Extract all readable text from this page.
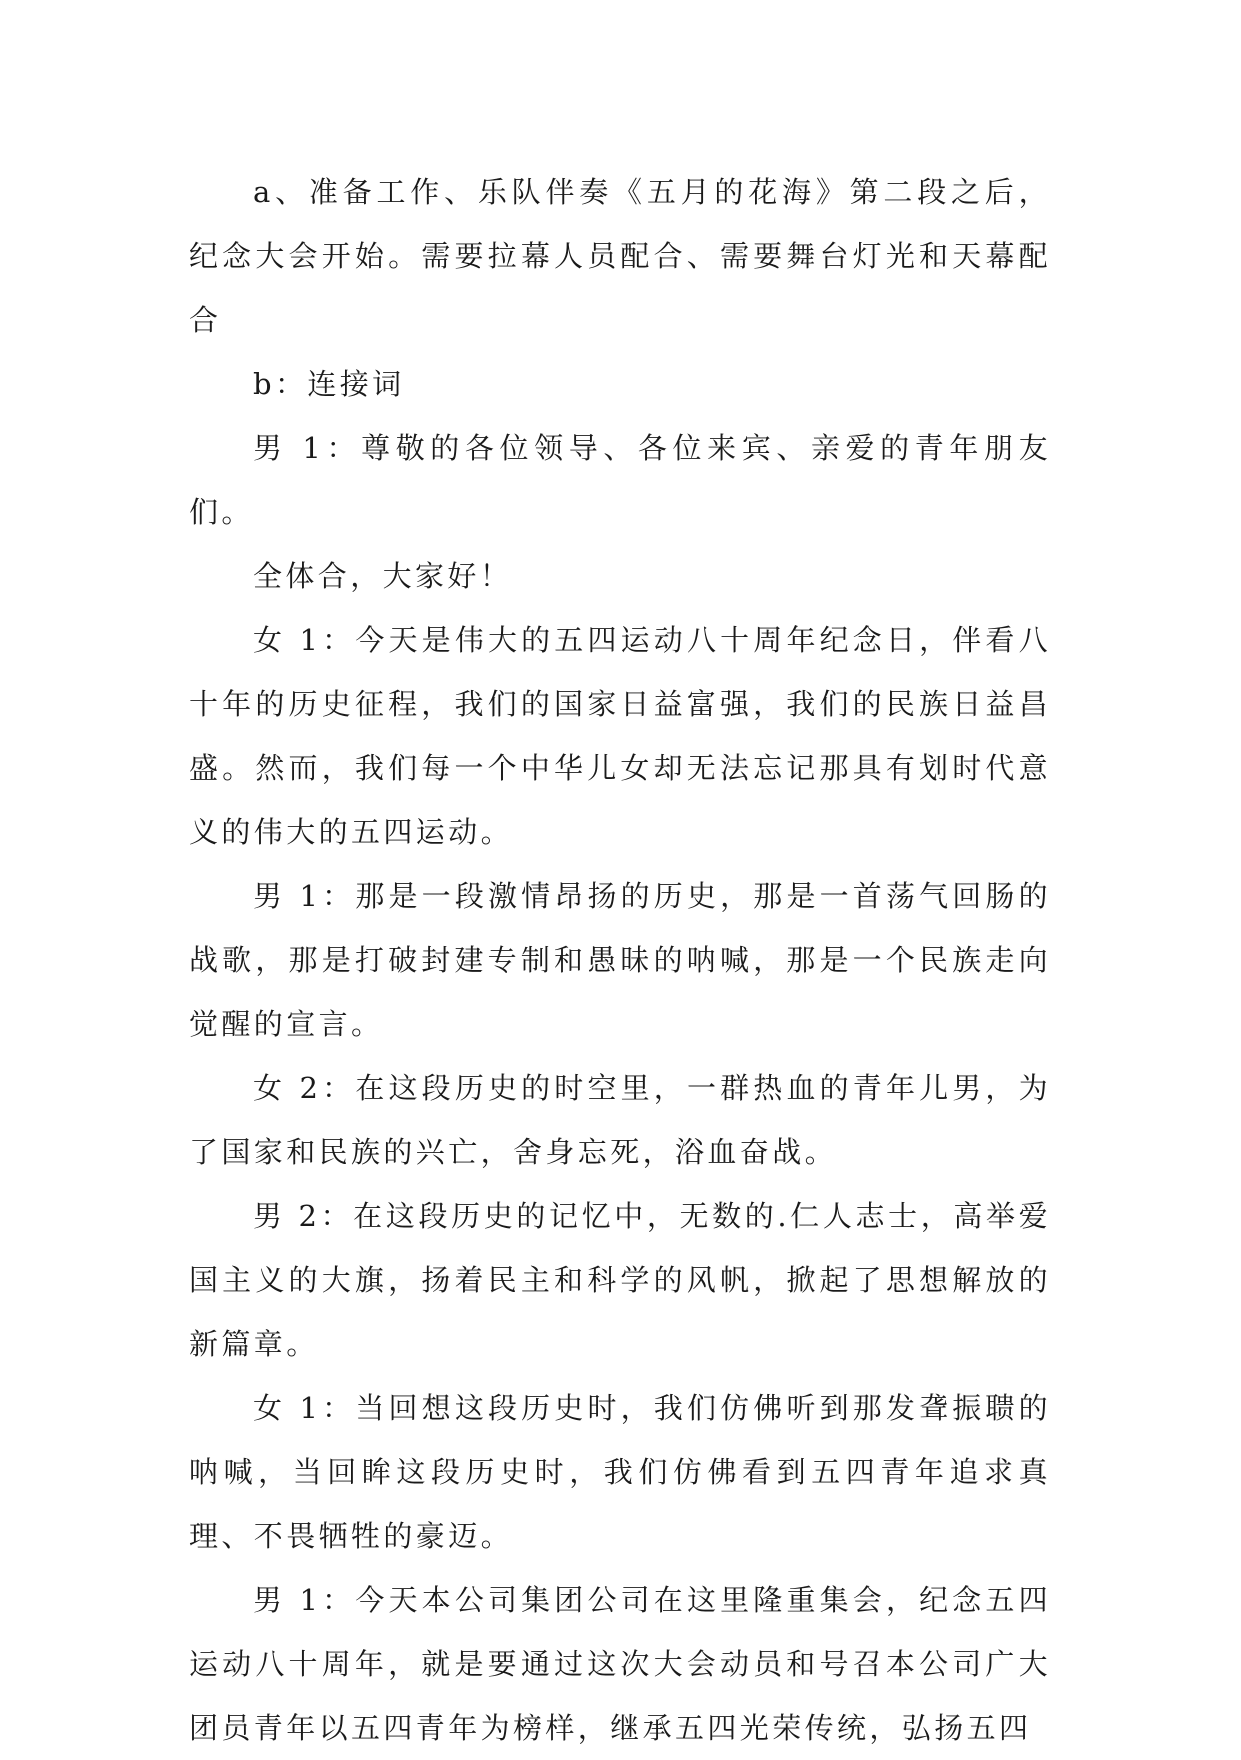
a、准备工作、乐队伴奏《五月的花海》第二段之后，纪念大会开始。需要拉幕人员配合、需要舞台灯光和天幕配合

b：连接词

男 1：尊敬的各位领导、各位来宾、亲爱的青年朋友们。

全体合，大家好！

女 1：今天是伟大的五四运动八十周年纪念日，伴看八十年的历史征程，我们的国家日益富强，我们的民族日益昌盛。然而，我们每一个中华儿女却无法忘记那具有划时代意义的伟大的五四运动。

男 1：那是一段激情昂扬的历史，那是一首荡气回肠的战歌，那是打破封建专制和愚昧的呐喊，那是一个民族走向觉醒的宣言。

女 2：在这段历史的时空里，一群热血的青年儿男，为了国家和民族的兴亡，舍身忘死，浴血奋战。

男 2：在这段历史的记忆中，无数的.仁人志士，高举爱国主义的大旗，扬着民主和科学的风帆，掀起了思想解放的新篇章。

女 1：当回想这段历史时，我们仿佛听到那发聋振聩的呐喊，当回眸这段历史时，我们仿佛看到五四青年追求真理、不畏牺牲的豪迈。

男 1：今天本公司集团公司在这里隆重集会，纪念五四运动八十周年，就是要通过这次大会动员和号召本公司广大团员青年以五四青年为榜样，继承五四光荣传统，弘扬五四
